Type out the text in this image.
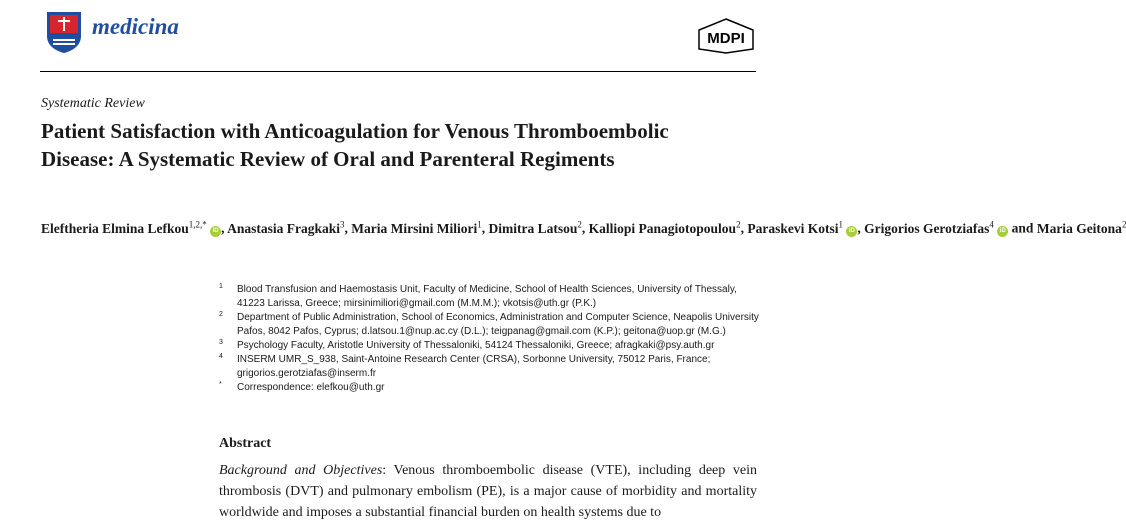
medicina	MDPI
Systematic Review
Patient Satisfaction with Anticoagulation for Venous Thromboembolic Disease: A Systematic Review of Oral and Parenteral Regiments
Eleftheria Elmina Lefkou$^{1,2,*}$ iD , Anastasia Fragkaki$^3$, Maria Mirsini Miliori$^1$, Dimitra Latsou$^2$, Kalliopi Panagiotopoulou$^2$, Paraskevi Kotsi$^1$ iD , Grigorios Gerotziafas$^4$ iD and Maria Geitona$^2$
1 Blood Transfusion and Haemostasis Unit, Faculty of Medicine, School of Health Sciences, University of Thessaly, 41223 Larissa, Greece; mirsinimiliori@gmail.com (M.M.M.); vkotsis@uth.gr (P.K.)
2 Department of Public Administration, School of Economics, Administration and Computer Science, Neapolis University Pafos, 8042 Pafos, Cyprus; d.latsou.1@nup.ac.cy (D.L.); teigpanag@gmail.com (K.P.); geitona@uop.gr (M.G.)
3 Psychology Faculty, Aristotle University of Thessaloniki, 54124 Thessaloniki, Greece; afragkaki@psy.auth.gr
4 INSERM UMR_S_938, Saint-Antoine Research Center (CRSA), Sorbonne University, 75012 Paris, France; grigorios.gerotziafas@inserm.fr
* Correspondence: elefkou@uth.gr
Abstract
Background and Objectives: Venous thromboembolic disease (VTE), including deep vein thrombosis (DVT) and pulmonary embolism (PE), is a major cause of morbidity and mortality worldwide and imposes a substantial financial burden on health systems due to
